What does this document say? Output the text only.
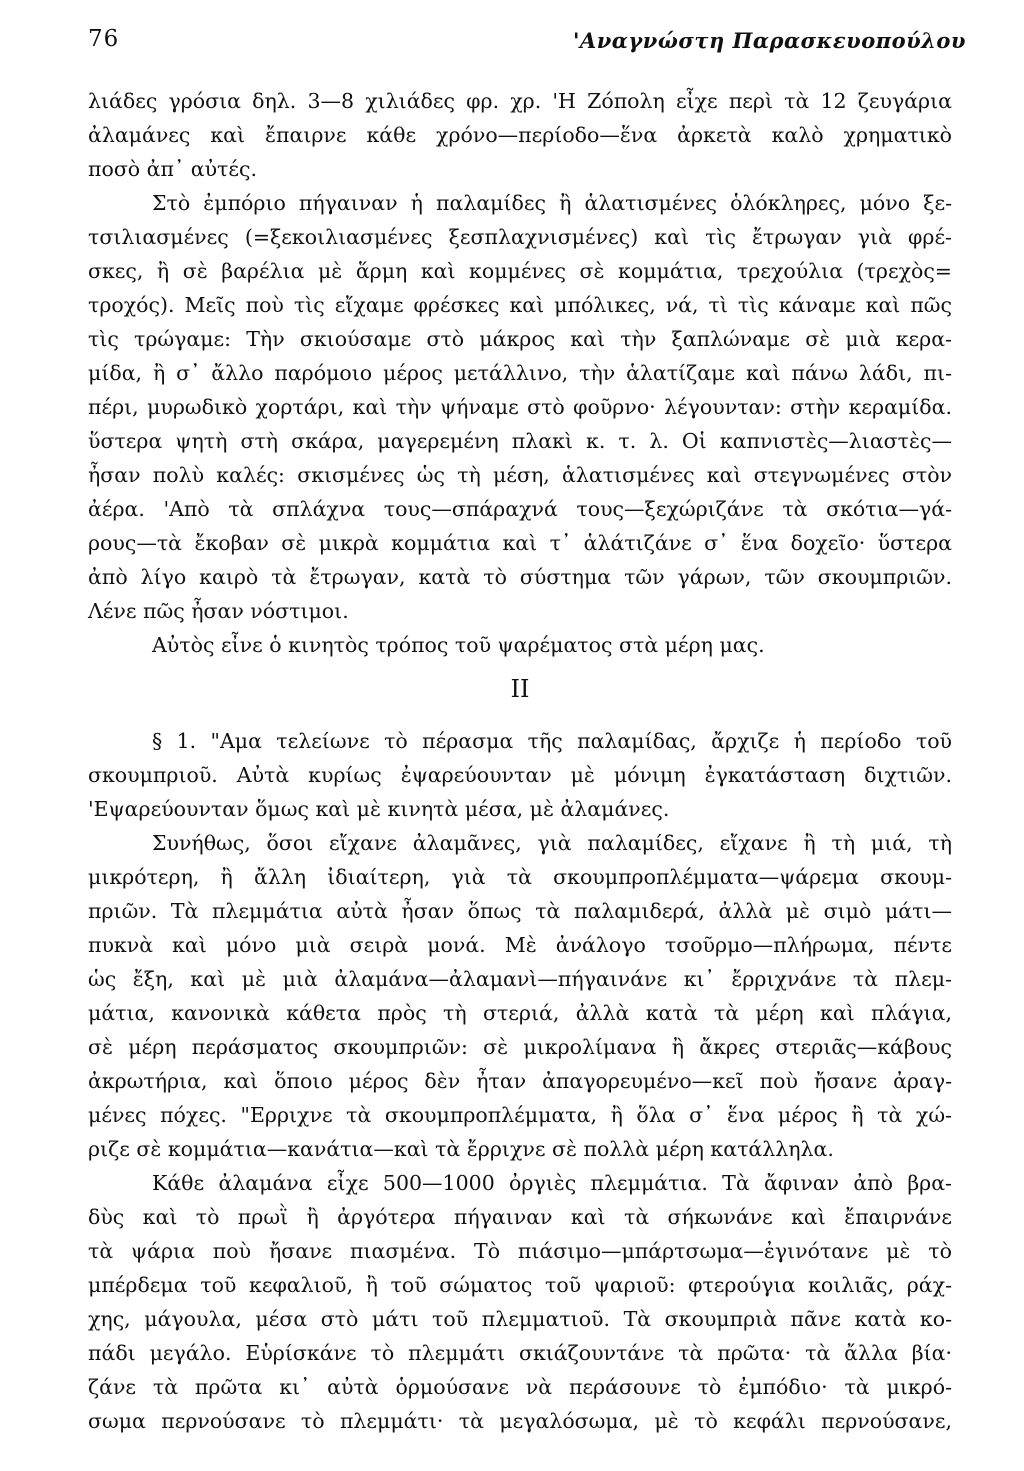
76	'Αναγνώστη Παρασκευοπούλου
λιάδες γρόσια δηλ. 3—8 χιλιάδες φρ. χρ. 'Η Ζόπολη εἶχε περὶ τὰ 12 ζευγάρια
ἀλαμάνες καὶ ἔπαιρνε κάθε χρόνο—περίοδο—ἕνα ἀρκετὰ καλὸ χρηματικὸ
ποσὸ ἀπ᾿ αὐτές.
Στὸ ἐμπόριο πήγαιναν ἡ παλαμίδες ἢ ἁλατισμένες ὁλόκληρες, μόνο ξε-
τσιλιασμένες (=ξεκοιλιασμένες ξεσπλαχνισμένες) καὶ τὶς ἔτρωγαν γιὰ φρέ-
σκες, ἢ σὲ βαρέλια μὲ ἅρμη καὶ κομμένες σὲ κομμάτια, τρεχούλια (τρεχὸς=
τροχός). Μεῖς ποὺ τὶς εἴχαμε φρέσκες καὶ μπόλικες, νά, τὶ τὶς κάναμε καὶ πῶς
τὶς τρώγαμε: Τὴν σκιούσαμε στὸ μάκρος καὶ τὴν ξαπλώναμε σὲ μιὰ κερα-
μίδα, ἢ σ᾿ ἄλλο παρόμοιο μέρος μετάλλινο, τὴν ἁλατίζαμε καὶ πάνω λάδι, πι-
πέρι, μυρωδικὸ χορτάρι, καὶ τὴν ψήναμε στὸ φοῦρνο· λέγουνταν: στὴν κεραμίδα.
ὕστερα ψητὴ στὴ σκάρα, μαγερεμένη πλακὶ κ. τ. λ. Οἱ καπνιστὲς—λιαστὲς—
ἦσαν πολὺ καλές: σκισμένες ὡς τὴ μέση, ἁλατισμένες καὶ στεγνωμένες στὸν
ἀέρα. 'Απὸ τὰ σπλάχνα τους—σπάραχνά τους—ξεχώριζάνε τὰ σκότια—γά-
ρους—τὰ ἔκοβαν σὲ μικρὰ κομμάτια καὶ τ᾿ ἁλάτιζάνε σ᾿ ἕνα δοχεῖο· ὕστερα
ἀπὸ λίγο καιρὸ τὰ ἔτρωγαν, κατὰ τὸ σύστημα τῶν γάρων, τῶν σκουμπριῶν.
Λένε πῶς ἦσαν νόστιμοι.
Αὐτὸς εἶνε ὁ κινητὸς τρόπος τοῦ ψαρέματος στὰ μέρη μας.
II
§ 1. "Αμα τελείωνε τὸ πέρασμα τῆς παλαμίδας, ἄρχιζε ἡ περίοδο τοῦ
σκουμπριοῦ. Αὐτὰ κυρίως ἐψαρεύουνταν μὲ μόνιμη ἐγκατάσταση διχτιῶν.
'Εψαρεύουνταν ὅμως καὶ μὲ κινητὰ μέσα, μὲ ἀλαμάνες.
Συνήθως, ὅσοι εἴχανε ἀλαμᾶνες, γιὰ παλαμίδες, εἴχανε ἢ τὴ μιά, τὴ
μικρότερη, ἢ ἄλλη ἰδιαίτερη, γιὰ τὰ σκουμπροπλέμματα—ψάρεμα σκουμ-
πριῶν. Τὰ πλεμμάτια αὐτὰ ἦσαν ὅπως τὰ παλαμιδερά, ἀλλὰ μὲ σιμὸ μάτι—
πυκνὰ καὶ μόνο μιὰ σειρὰ μονά. Μὲ ἀνάλογο τσοῦρμο—πλήρωμα, πέντε
ὡς ἔξη, καὶ μὲ μιὰ ἀλαμάνα—ἀλαμανὶ—πήγαινάνε κι᾿ ἔρριχνάνε τὰ πλεμ-
μάτια, κανονικὰ κάθετα πρὸς τὴ στεριά, ἀλλὰ κατὰ τὰ μέρη καὶ πλάγια,
σὲ μέρη περάσματος σκουμπριῶν: σὲ μικρολίμανα ἢ ἄκρες στεριᾶς—κάβους
ἀκρωτήρια, καὶ ὅποιο μέρος δὲν ἦταν ἀπαγορευμένο—κεῖ ποὺ ἤσανε ἀραγ-
μένες πόχες. "Ερριχνε τὰ σκουμπροπλέμματα, ἢ ὅλα σ᾿ ἕνα μέρος ἢ τὰ χώ-
ριζε σὲ κομμάτια—κανάτια—καὶ τὰ ἔρριχνε σὲ πολλὰ μέρη κατάλληλα.
Κάθε ἀλαμάνα εἶχε 500—1000 ὀργιὲς πλεμμάτια. Τὰ ἄφιναν ἀπὸ βρα-
δὺς καὶ τὸ πρωῒ ἢ ἀργότερα πήγαιναν καὶ τὰ σήκωνάνε καὶ ἔπαιρνάνε
τὰ ψάρια ποὺ ἤσανε πιασμένα. Τὸ πιάσιμο—μπάρτσωμα—ἐγινότανε μὲ τὸ
μπέρδεμα τοῦ κεφαλιοῦ, ἢ τοῦ σώματος τοῦ ψαριοῦ: φτερούγια κοιλιᾶς, ράχ-
χης, μάγουλα, μέσα στὸ μάτι τοῦ πλεμματιοῦ. Τὰ σκουμπριὰ πᾶνε κατὰ κο-
πάδι μεγάλο. Εὑρίσκάνε τὸ πλεμμάτι σκιάζουντάνε τὰ πρῶτα· τὰ ἄλλα βία·
ζάνε τὰ πρῶτα κι᾿ αὐτὰ ὁρμούσανε νὰ περάσουνε τὸ ἐμπόδιο· τὰ μικρό-
σωμα περνούσανε τὸ πλεμμάτι· τὰ μεγαλόσωμα, μὲ τὸ κεφάλι περνούσανε,
